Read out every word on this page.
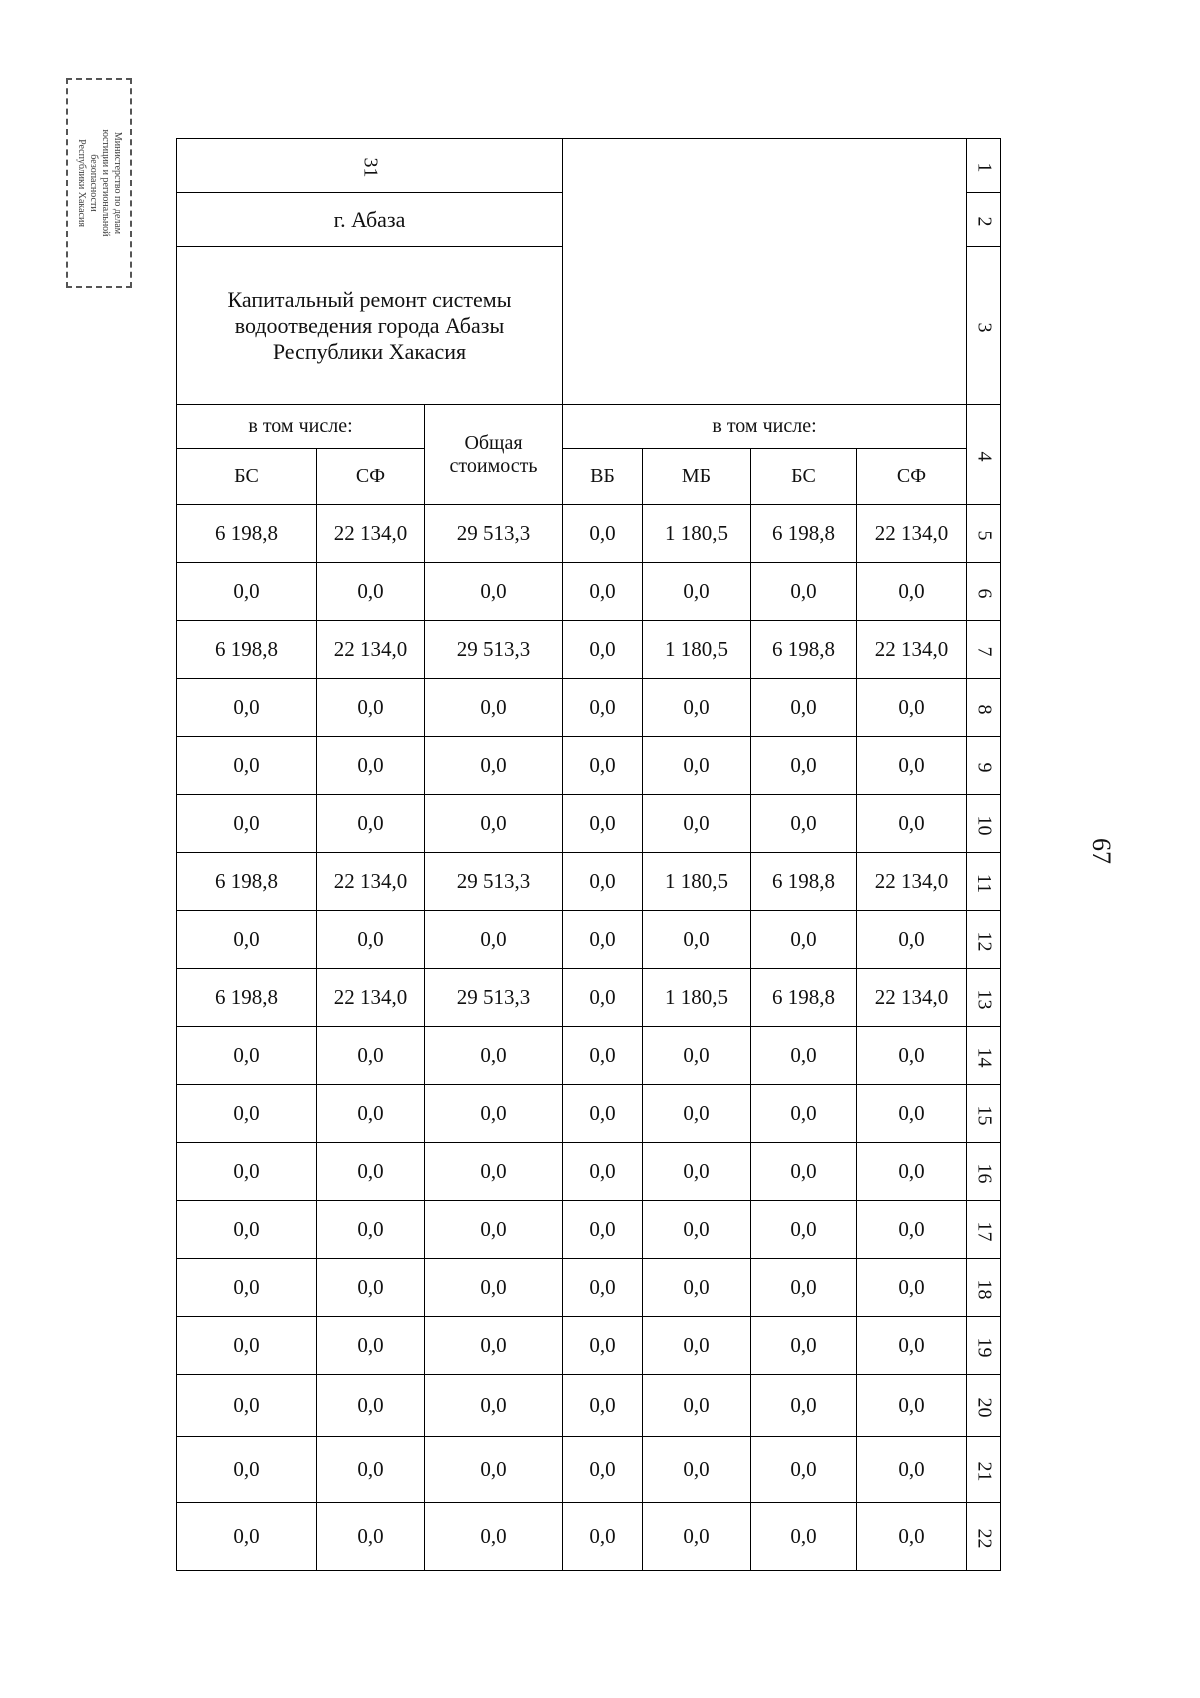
Министерство по делам
юстиции и региональной
безопасности
Республики Хакасия
67
31							1
г. Абаза							2
Капитальный ремонт системы водоотведения города Абазы Республики Хакасия							3
в том числе:		Общая стоимость	в том числе:				4
БС	СФ		ВБ	МБ	БС	СФ	
6 198,8	22 134,0	29 513,3	0,0	1 180,5	6 198,8	22 134,0	5
0,0	0,0	0,0	0,0	0,0	0,0	0,0	6
6 198,8	22 134,0	29 513,3	0,0	1 180,5	6 198,8	22 134,0	7
0,0	0,0	0,0	0,0	0,0	0,0	0,0	8
0,0	0,0	0,0	0,0	0,0	0,0	0,0	9
0,0	0,0	0,0	0,0	0,0	0,0	0,0	10
6 198,8	22 134,0	29 513,3	0,0	1 180,5	6 198,8	22 134,0	11
0,0	0,0	0,0	0,0	0,0	0,0	0,0	12
6 198,8	22 134,0	29 513,3	0,0	1 180,5	6 198,8	22 134,0	13
0,0	0,0	0,0	0,0	0,0	0,0	0,0	14
0,0	0,0	0,0	0,0	0,0	0,0	0,0	15
0,0	0,0	0,0	0,0	0,0	0,0	0,0	16
0,0	0,0	0,0	0,0	0,0	0,0	0,0	17
0,0	0,0	0,0	0,0	0,0	0,0	0,0	18
0,0	0,0	0,0	0,0	0,0	0,0	0,0	19
0,0	0,0	0,0	0,0	0,0	0,0	0,0	20
0,0	0,0	0,0	0,0	0,0	0,0	0,0	21
0,0	0,0	0,0	0,0	0,0	0,0	0,0	22
